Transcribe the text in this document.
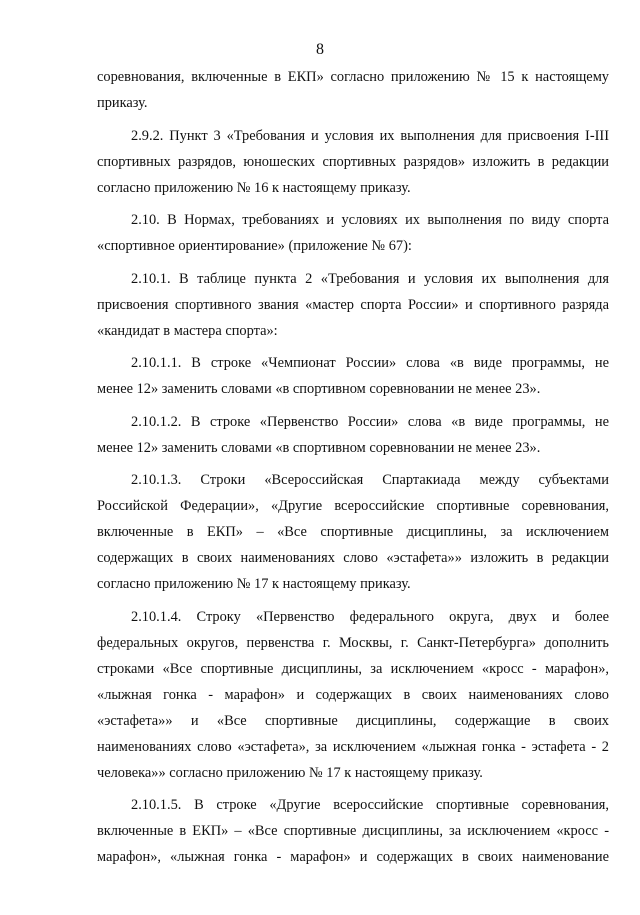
8
соревнования, включенные в ЕКП» согласно приложению № 15 к настоящему
приказу.
2.9.2. Пункт 3 «Требования и условия их выполнения для присвоения I-III
спортивных разрядов, юношеских спортивных разрядов» изложить в редакции
согласно приложению № 16 к настоящему приказу.
2.10. В Нормах, требованиях и условиях их выполнения по виду спорта
«спортивное ориентирование» (приложение № 67):
2.10.1. В таблице пункта 2 «Требования и условия их выполнения для
присвоения спортивного звания «мастер спорта России» и спортивного разряда
«кандидат в мастера спорта»:
2.10.1.1. В строке «Чемпионат России» слова «в виде программы, не
менее 12» заменить словами «в спортивном соревновании не менее 23».
2.10.1.2. В строке «Первенство России» слова «в виде программы, не
менее 12» заменить словами «в спортивном соревновании не менее 23».
2.10.1.3. Строки «Всероссийская Спартакиада между субъектами
Российской Федерации», «Другие всероссийские спортивные соревнования,
включенные в ЕКП» – «Все спортивные дисциплины, за исключением
содержащих в своих наименованиях слово «эстафета»» изложить в редакции
согласно приложению № 17 к настоящему приказу.
2.10.1.4. Строку «Первенство федерального округа, двух и более
федеральных округов, первенства г. Москвы, г. Санкт-Петербурга» дополнить
строками «Все спортивные дисциплины, за исключением «кросс - марафон»,
«лыжная гонка - марафон» и содержащих в своих наименованиях слово
«эстафета»» и «Все спортивные дисциплины, содержащие в своих
наименованиях слово «эстафета», за исключением «лыжная гонка - эстафета - 2
человека»» согласно приложению № 17 к настоящему приказу.
2.10.1.5. В строке «Другие всероссийские спортивные соревнования,
включенные в ЕКП» – «Все спортивные дисциплины, за исключением «кросс -
марафон», «лыжная гонка - марафон» и содержащих в своих наименование
